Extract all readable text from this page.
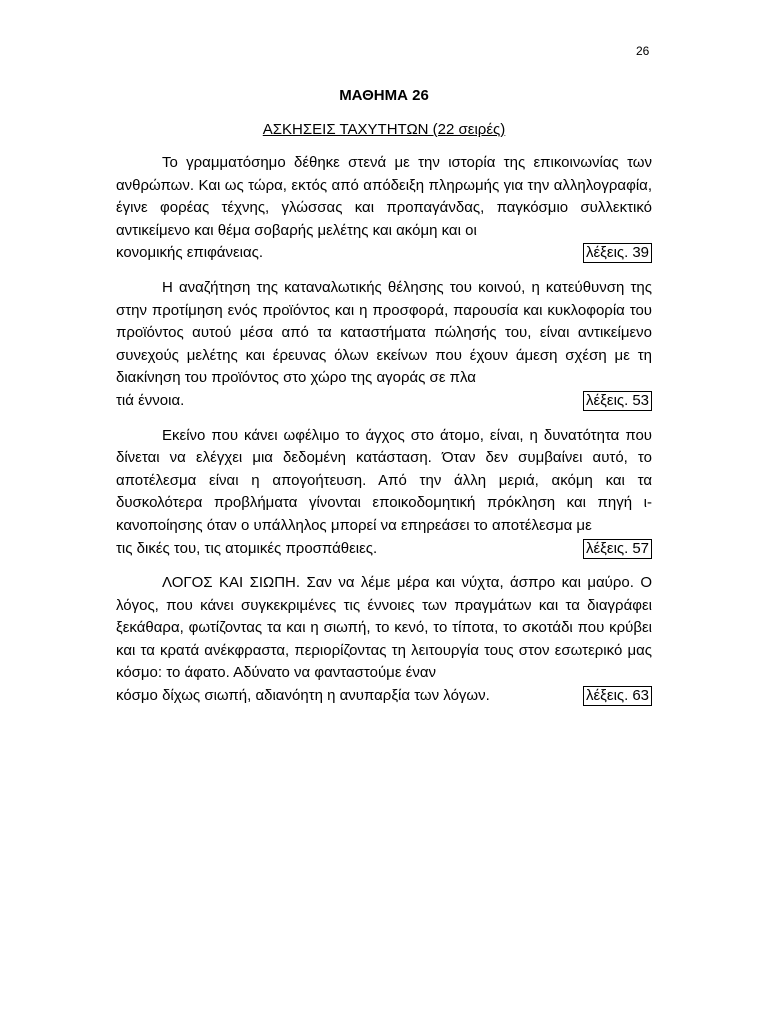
26
ΜΑΘΗΜΑ 26
ΑΣΚΗΣΕΙΣ ΤΑΧΥΤΗΤΩΝ (22 σειρές)

Το γραμματόσημο δέθηκε στενά με την ιστορία της επικοινωνίας των ανθρώπων. Και ως τώρα, εκτός από απόδειξη πληρωμής για την αλληλογραφία, έγινε φορέας τέχνης, γλώσσας και προπαγάνδας, παγκόσμιο συλλεκτικό αντικείμενο και θέμα σοβαρής μελέτης και ακόμη και οι

κονομικής επιφάνειας.	λέξεις. 39

Η αναζήτηση της καταναλωτικής θέλησης του κοινού, η κατεύθυνση της στην προτίμηση ενός προϊόντος και η προσφορά, παρουσία και κυκλοφορία του προϊόντος αυτού μέσα από τα καταστήματα πώλησής του, είναι αντικείμενο συνεχούς μελέτης και έρευνας όλων εκείνων που έχουν άμεση σχέση με τη διακίνηση του προϊόντος στο χώρο της αγοράς σε πλα

τιά έννοια.	λέξεις. 53

Εκείνο που κάνει ωφέλιμο το άγχος στο άτομο, είναι, η δυνατότητα που δίνεται να ελέγχει μια δεδομένη κατάσταση. Όταν δεν συμβαίνει αυτό, το αποτέλεσμα είναι η απογοήτευση. Από την άλλη μεριά, ακόμη και τα δυσκολότερα προβλήματα γίνονται εποικοδομητική πρόκληση και πηγή ικανοποίησης όταν ο υπάλληλος μπορεί να επηρεάσει το αποτέλεσμα με

τις δικές του, τις ατομικές προσπάθειες.	λέξεις. 57

ΛΟΓΟΣ ΚΑΙ ΣΙΩΠΗ. Σαν να λέμε μέρα και νύχτα, άσπρο και μαύρο. Ο λόγος, που κάνει συγκεκριμένες τις έννοιες των πραγμάτων και τα διαγράφει ξεκάθαρα, φωτίζοντας τα και η σιωπή, το κενό, το τίποτα, το σκοτάδι που κρύβει και τα κρατά ανέκφραστα, περιορίζοντας τη λειτουργία τους στον εσωτερικό μας κόσμο: το άφατο. Αδύνατο να φανταστούμε έναν

κόσμο δίχως σιωπή, αδιανόητη η ανυπαρξία των λόγων.	λέξεις. 63
